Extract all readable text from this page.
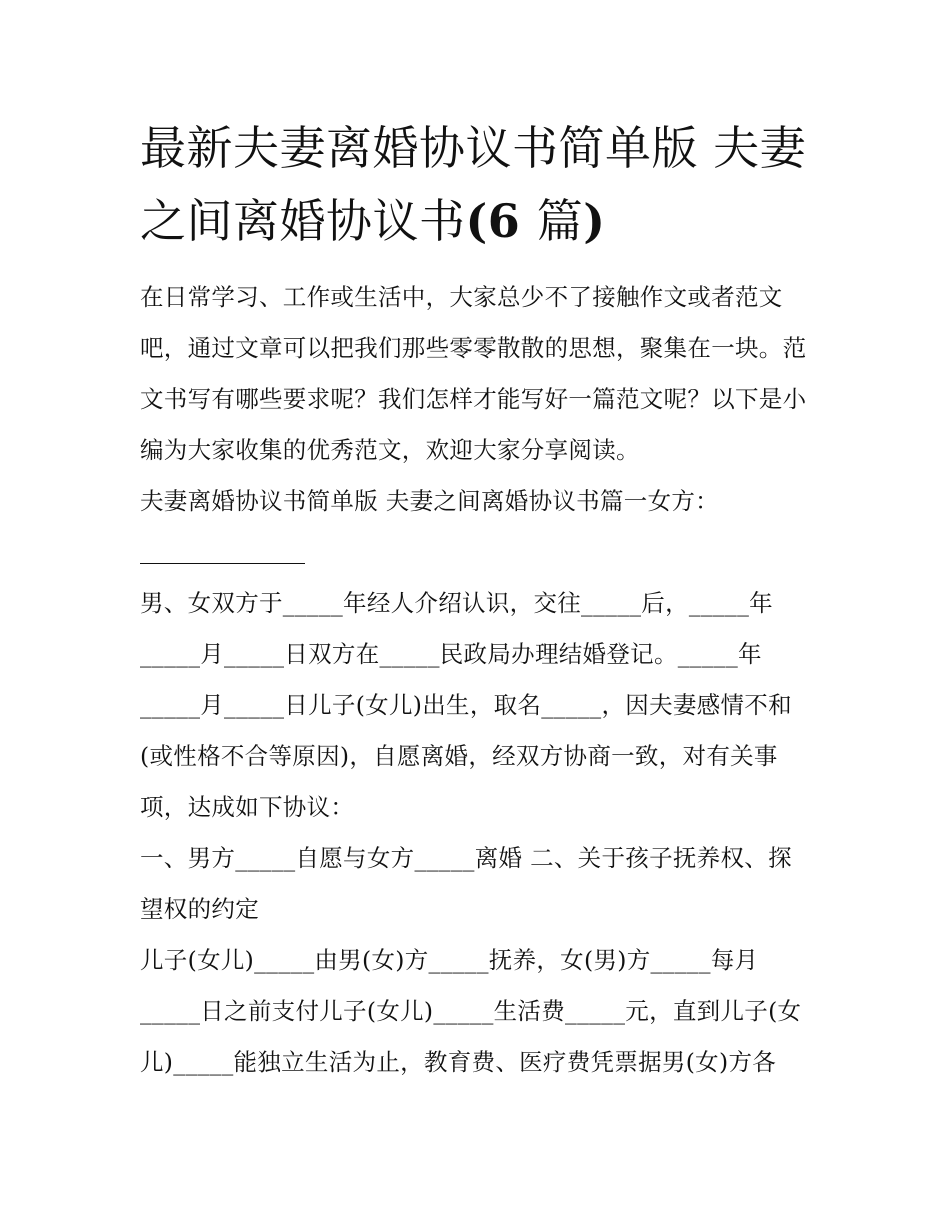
最新夫妻离婚协议书简单版 夫妻之间离婚协议书(6 篇)

在日常学习、工作或生活中，大家总少不了接触作文或者范文吧，通过文章可以把我们那些零零散散的思想，聚集在一块。范文书写有哪些要求呢？我们怎样才能写好一篇范文呢？以下是小编为大家收集的优秀范文，欢迎大家分享阅读。

夫妻离婚协议书简单版 夫妻之间离婚协议书篇一女方：

男、女双方于_____年经人介绍认识，交往_____后，_____年_____月_____日双方在_____民政局办理结婚登记。_____年_____月_____日儿子(女儿)出生，取名_____，因夫妻感情不和(或性格不合等原因)，自愿离婚，经双方协商一致，对有关事项，达成如下协议：

一、男方_____自愿与女方_____离婚 二、关于孩子抚养权、探望权的约定

儿子(女儿)_____由男(女)方_____抚养，女(男)方_____每月_____日之前支付儿子(女儿)_____生活费_____元，直到儿子(女儿)_____能独立生活为止，教育费、医疗费凭票据男(女)方各
